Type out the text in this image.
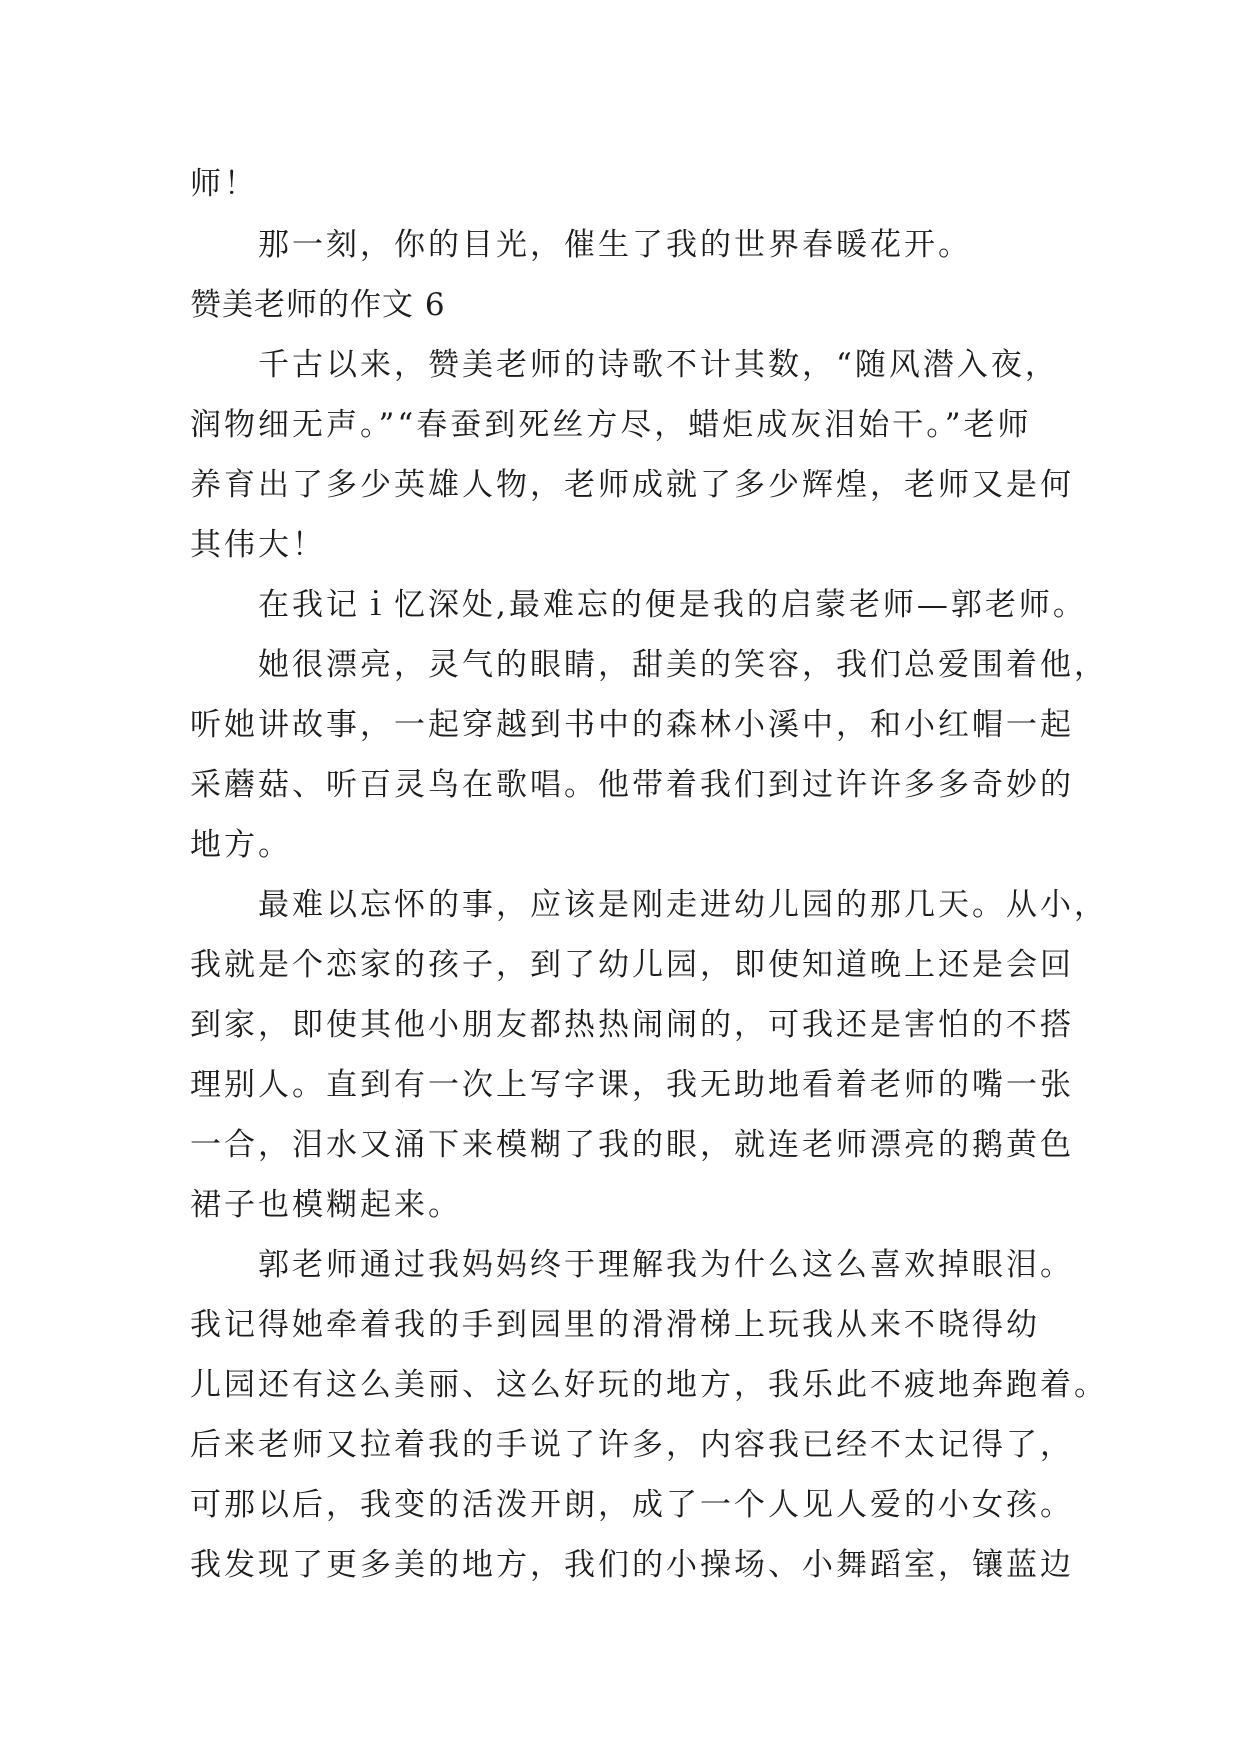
师！
那一刻，你的目光，催生了我的世界春暖花开。
赞美老师的作文 6
千古以来，赞美老师的诗歌不计其数，“随风潜入夜，
润物细无声。”“春蚕到死丝方尽，蜡炬成灰泪始干。”老师
养育出了多少英雄人物，老师成就了多少辉煌，老师又是何
其伟大！
在我记ｉ忆深处,最难忘的便是我的启蒙老师—郭老师。
她很漂亮，灵气的眼睛，甜美的笑容，我们总爱围着他，
听她讲故事，一起穿越到书中的森林小溪中，和小红帽一起
采蘑菇、听百灵鸟在歌唱。他带着我们到过许许多多奇妙的
地方。
最难以忘怀的事，应该是刚走进幼儿园的那几天。从小，
我就是个恋家的孩子，到了幼儿园，即使知道晚上还是会回
到家，即使其他小朋友都热热闹闹的，可我还是害怕的不搭
理别人。直到有一次上写字课，我无助地看着老师的嘴一张
一合，泪水又涌下来模糊了我的眼，就连老师漂亮的鹅黄色
裙子也模糊起来。
郭老师通过我妈妈终于理解我为什么这么喜欢掉眼泪。
我记得她牵着我的手到园里的滑滑梯上玩我从来不晓得幼
儿园还有这么美丽、这么好玩的地方，我乐此不疲地奔跑着。
后来老师又拉着我的手说了许多，内容我已经不太记得了，
可那以后，我变的活泼开朗，成了一个人见人爱的小女孩。
我发现了更多美的地方，我们的小操场、小舞蹈室，镶蓝边
